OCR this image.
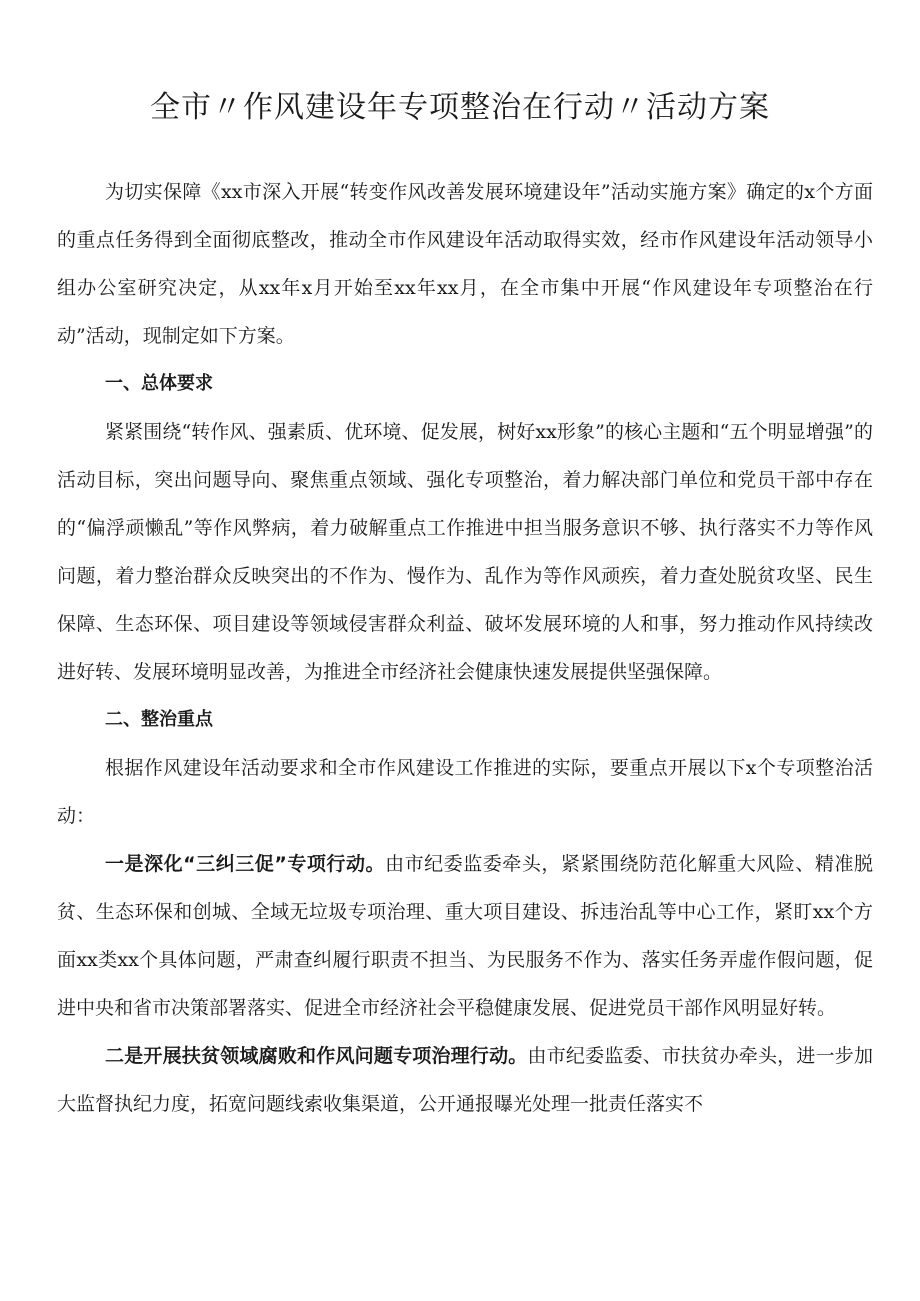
全市〃作风建设年专项整治在行动〃活动方案

为切实保障《xx市深入开展“转变作风改善发展环境建设年”活动实施方案》确定的x个方面的重点任务得到全面彻底整改，推动全市作风建设年活动取得实效，经市作风建设年活动领导小组办公室研究决定，从xx年x月开始至xx年xx月，在全市集中开展“作风建设年专项整治在行动”活动，现制定如下方案。

一、总体要求

紧紧围绕“转作风、强素质、优环境、促发展，树好xx形象”的核心主题和“五个明显增强”的活动目标，突出问题导向、聚焦重点领域、强化专项整治，着力解决部门单位和党员干部中存在的“偏浮顽懒乱”等作风弊病，着力破解重点工作推进中担当服务意识不够、执行落实不力等作风问题，着力整治群众反映突出的不作为、慢作为、乱作为等作风顽疾，着力查处脱贫攻坚、民生保障、生态环保、项目建设等领域侵害群众利益、破坏发展环境的人和事，努力推动作风持续改进好转、发展环境明显改善，为推进全市经济社会健康快速发展提供坚强保障。

二、整治重点

根据作风建设年活动要求和全市作风建设工作推进的实际，要重点开展以下x个专项整治活动：

一是深化“三纠三促”专项行动。由市纪委监委牵头，紧紧围绕防范化解重大风险、精准脱贫、生态环保和创城、全域无垃圾专项治理、重大项目建设、拆违治乱等中心工作，紧盯xx个方面xx类xx个具体问题，严肃查纠履行职责不担当、为民服务不作为、落实任务弄虚作假问题，促进中央和省市决策部署落实、促进全市经济社会平稳健康发展、促进党员干部作风明显好转。

二是开展扶贫领域腐败和作风问题专项治理行动。由市纪委监委、市扶贫办牵头，进一步加大监督执纪力度，拓宽问题线索收集渠道，公开通报曝光处理一批责任落实不
